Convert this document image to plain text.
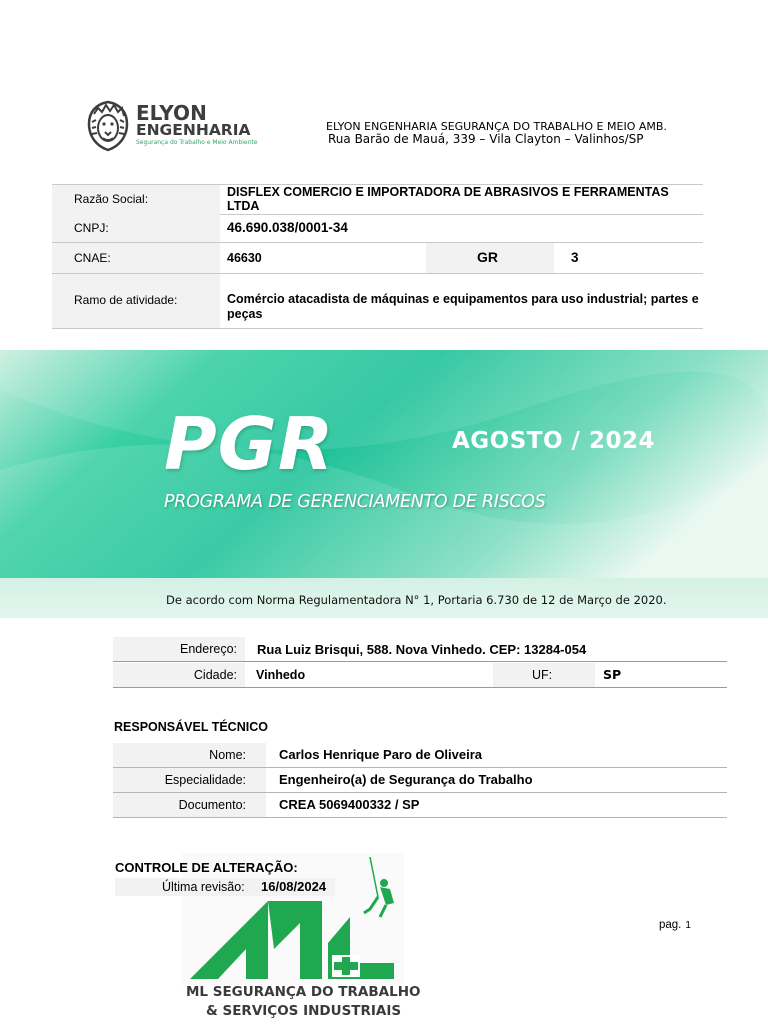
ELYON
ENGENHARIA
Segurança do Trabalho e Meio Ambiente
ELYON ENGENHARIA SEGURANÇA DO TRABALHO E MEIO AMB.
Rua Barão de Mauá, 339 – Vila Clayton – Valinhos/SP
Razão Social:	DISFLEX COMERCIO E IMPORTADORA DE ABRASIVOS E FERRAMENTAS LTDA
CNPJ:	46.690.038/0001-34
CNAE:	46630	GR	3
Ramo de atividade:	Comércio atacadista de máquinas e equipamentos para uso industrial; partes e peças
PGR
PROGRAMA DE GERENCIAMENTO DE RISCOS
AGOSTO / 2024
De acordo com Norma Regulamentadora N° 1, Portaria 6.730 de 12 de Março de 2020.
Endereço: Rua Luiz Brisqui, 588. Nova Vinhedo. CEP: 13284-054
Cidade: Vinhedo	UF:	SP
RESPONSÁVEL TÉCNICO
Nome:	Carlos Henrique Paro de Oliveira
Especialidade:	Engenheiro(a) de Segurança do Trabalho
Documento:	CREA 5069400332 / SP
CONTROLE DE ALTERAÇÃO:
Última revisão: 16/08/2024
pag. 1
ML SEGURANÇA DO TRABALHO
& SERVIÇOS INDUSTRIAIS
